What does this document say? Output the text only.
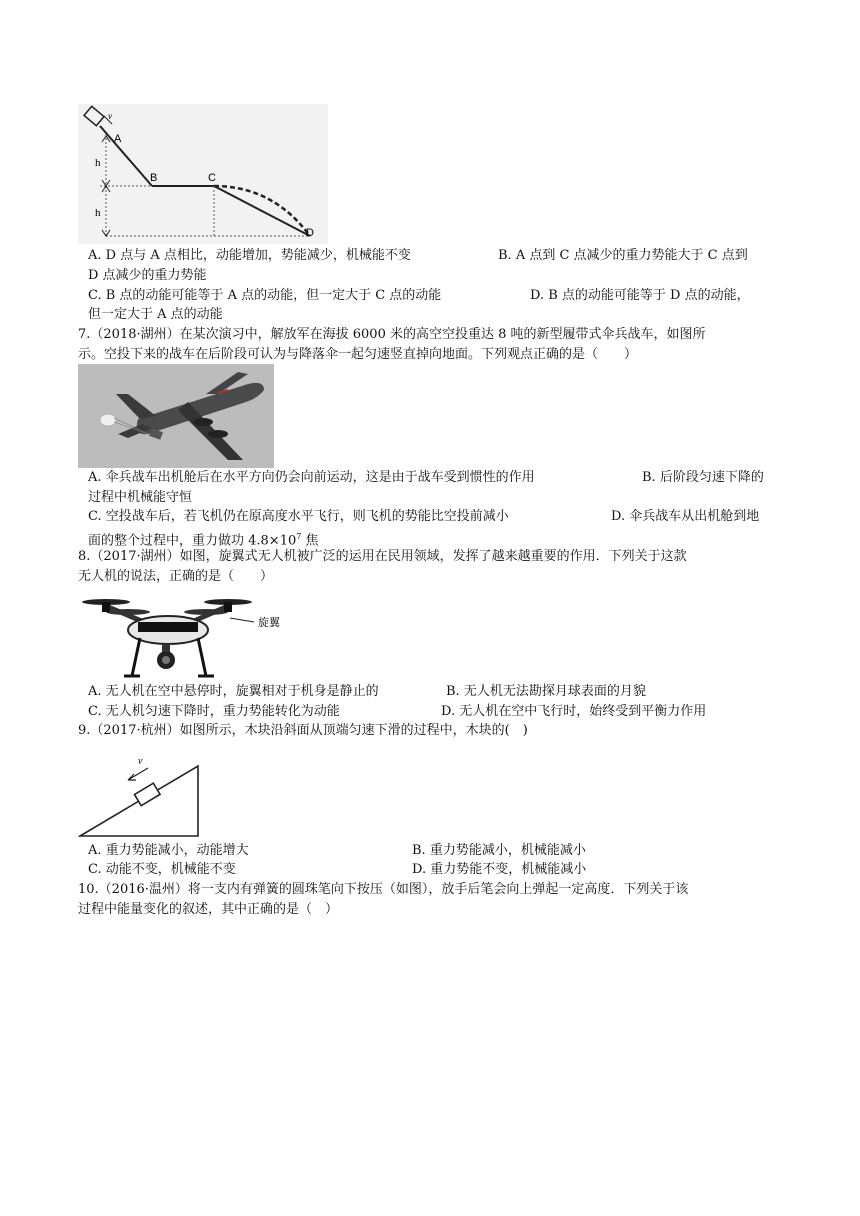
v
A
B	C
D
h
h
A. D 点与 A 点相比，动能增加，势能减少，机械能不变	B. A 点到 C 点减少的重力势能大于 C 点到
D 点减少的重力势能
C. B 点的动能可能等于 A 点的动能，但一定大于 C 点的动能	D. B 点的动能可能等于 D 点的动能，
但一定大于 A 点的动能
7.（2018·湖州）在某次演习中，解放军在海拔 6000 米的高空空投重达 8 吨的新型履带式伞兵战车，如图所
示。空投下来的战车在后阶段可认为与降落伞一起匀速竖直掉向地面。下列观点正确的是（　　）
A. 伞兵战车出机舱后在水平方向仍会向前运动，这是由于战车受到惯性的作用	B. 后阶段匀速下降的
过程中机械能守恒
C. 空投战车后，若飞机仍在原高度水平飞行，则飞机的势能比空投前减小	D. 伞兵战车从出机舱到地
面的整个过程中，重力做功 $4.8\times 10^7$ 焦
8.（2017·湖州）如图，旋翼式无人机被广泛的运用在民用领域，发挥了越来越重要的作用．下列关于这款
无人机的说法，正确的是（　　）
旋翼
A. 无人机在空中悬停时，旋翼相对于机身是静止的	B. 无人机无法勘探月球表面的月貌
C. 无人机匀速下降时，重力势能转化为动能	D. 无人机在空中飞行时，始终受到平衡力作用
9.（2017·杭州）如图所示，木块沿斜面从顶端匀速下滑的过程中，木块的(　)
v
A. 重力势能减小，动能增大	B. 重力势能减小，机械能减小
C. 动能不变，机械能不变	D. 重力势能不变，机械能减小
10.（2016·温州）将一支内有弹簧的圆珠笔向下按压（如图），放手后笔会向上弹起一定高度．下列关于该
过程中能量变化的叙述，其中正确的是（　）
